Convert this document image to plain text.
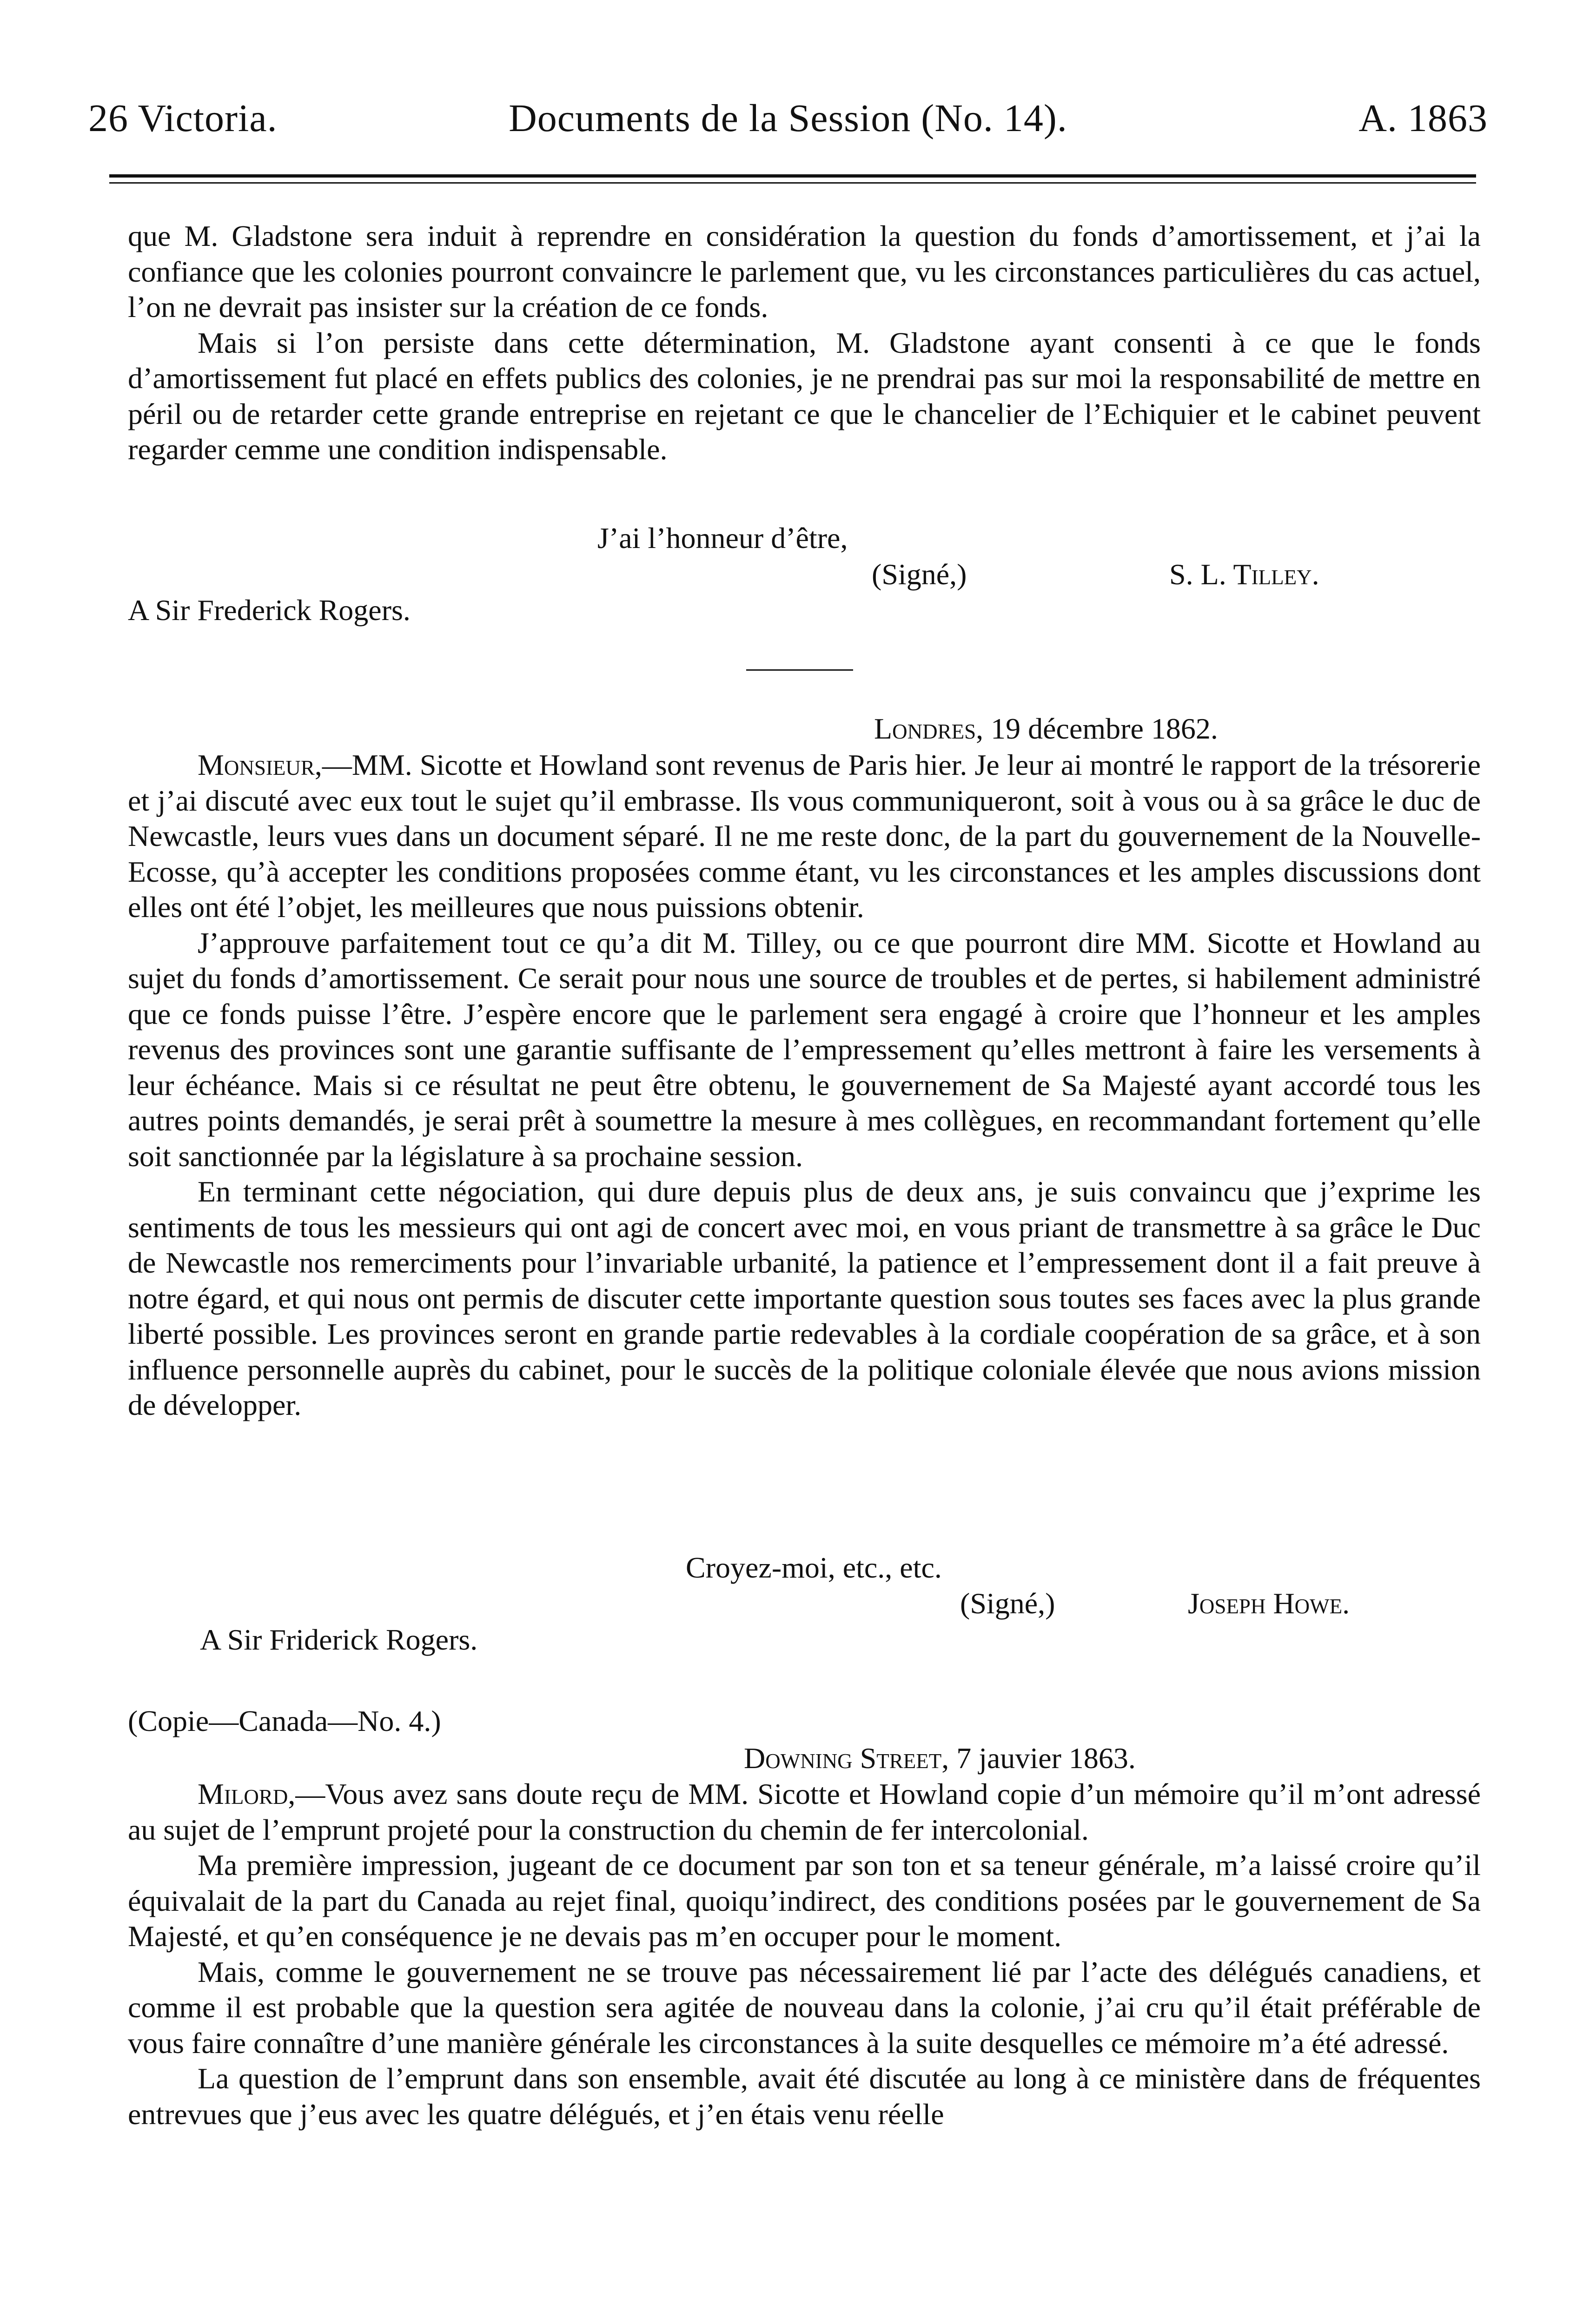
26 Victoria.	Documents de la Session (No. 14).	A. 1863

que M. Gladstone sera induit à reprendre en considération la question du fonds d’amortissement, et j’ai la confiance que les colonies pourront convaincre le parlement que, vu les circonstances particulières du cas actuel, l’on ne devrait pas insister sur la création de ce fonds.

Mais si l’on persiste dans cette détermination, M. Gladstone ayant consenti à ce que le fonds d’amortissement fut placé en effets publics des colonies, je ne prendrai pas sur moi la responsabilité de mettre en péril ou de retarder cette grande entreprise en rejetant ce que le chancelier de l’Echiquier et le cabinet peuvent regarder cemme une condition indispensable.

J’ai l’honneur d’être,
(Signé,)	S. L. Tilley.
A Sir Frederick Rogers.
Londres, 19 décembre 1862.

Monsieur,—MM. Sicotte et Howland sont revenus de Paris hier. Je leur ai montré le rapport de la trésorerie et j’ai discuté avec eux tout le sujet qu’il embrasse. Ils vous communiqueront, soit à vous ou à sa grâce le duc de Newcastle, leurs vues dans un document séparé. Il ne me reste donc, de la part du gouvernement de la Nouvelle-Ecosse, qu’à accepter les conditions proposées comme étant, vu les circonstances et les amples discussions dont elles ont été l’objet, les meilleures que nous puissions obtenir.

J’approuve parfaitement tout ce qu’a dit M. Tilley, ou ce que pourront dire MM. Sicotte et Howland au sujet du fonds d’amortissement. Ce serait pour nous une source de troubles et de pertes, si habilement administré que ce fonds puisse l’être. J’espère encore que le parlement sera engagé à croire que l’honneur et les amples revenus des provinces sont une garantie suffisante de l’empressement qu’elles mettront à faire les versements à leur échéance. Mais si ce résultat ne peut être obtenu, le gouvernement de Sa Majesté ayant accordé tous les autres points demandés, je serai prêt à soumettre la mesure à mes collègues, en recommandant fortement qu’elle soit sanctionnée par la législature à sa prochaine session.

En terminant cette négociation, qui dure depuis plus de deux ans, je suis convaincu que j’exprime les sentiments de tous les messieurs qui ont agi de concert avec moi, en vous priant de transmettre à sa grâce le Duc de Newcastle nos remerciments pour l’invariable urbanité, la patience et l’empressement dont il a fait preuve à notre égard, et qui nous ont permis de discuter cette importante question sous toutes ses faces avec la plus grande liberté possible. Les provinces seront en grande partie redevables à la cordiale coopération de sa grâce, et à son influence personnelle auprès du cabinet, pour le succès de la politique coloniale élevée que nous avions mission de développer.

Croyez-moi, etc., etc.
(Signé,)	Joseph Howe.
A Sir Friderick Rogers.
(Copie—Canada—No. 4.)
Downing Street, 7 jauvier 1863.

Milord,—Vous avez sans doute reçu de MM. Sicotte et Howland copie d’un mémoire qu’il m’ont adressé au sujet de l’emprunt projeté pour la construction du chemin de fer intercolonial.

Ma première impression, jugeant de ce document par son ton et sa teneur générale, m’a laissé croire qu’il équivalait de la part du Canada au rejet final, quoiqu’indirect, des conditions posées par le gouvernement de Sa Majesté, et qu’en conséquence je ne devais pas m’en occuper pour le moment.

Mais, comme le gouvernement ne se trouve pas nécessairement lié par l’acte des délégués canadiens, et comme il est probable que la question sera agitée de nouveau dans la colonie, j’ai cru qu’il était préférable de vous faire connaître d’une manière générale les circonstances à la suite desquelles ce mémoire m’a été adressé.

La question de l’emprunt dans son ensemble, avait été discutée au long à ce ministère dans de fréquentes entrevues que j’eus avec les quatre délégués, et j’en étais venu réelle
